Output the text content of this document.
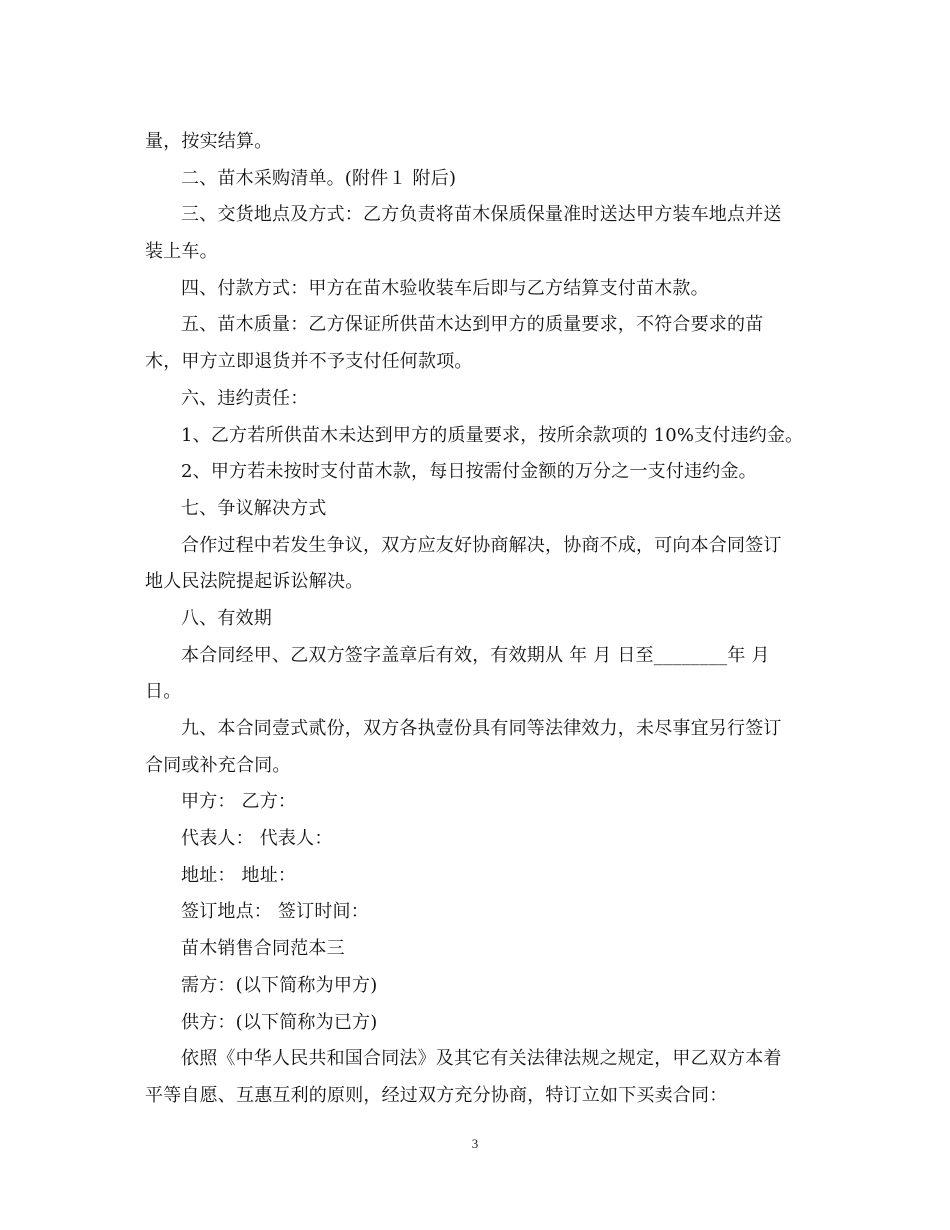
量，按实结算。
二、苗木采购清单。(附件１ 附后)
三、交货地点及方式：乙方负责将苗木保质保量准时送达甲方装车地点并送
装上车。
四、付款方式：甲方在苗木验收装车后即与乙方结算支付苗木款。
五、苗木质量：乙方保证所供苗木达到甲方的质量要求，不符合要求的苗
木，甲方立即退货并不予支付任何款项。
六、违约责任：
1、乙方若所供苗木未达到甲方的质量要求，按所余款项的 10%支付违约金。
2、甲方若未按时支付苗木款，每日按需付金额的万分之一支付违约金。
七、争议解决方式
合作过程中若发生争议，双方应友好协商解决，协商不成，可向本合同签订
地人民法院提起诉讼解决。
八、有效期
本合同经甲、乙双方签字盖章后有效，有效期从 年 月 日至________年 月
日。
九、本合同壹式贰份，双方各执壹份具有同等法律效力，未尽事宜另行签订
合同或补充合同。
甲方： 乙方：
代表人： 代表人：
地址： 地址：
签订地点： 签订时间：
苗木销售合同范本三
需方：(以下简称为甲方)
供方：(以下简称为已方)
依照《中华人民共和国合同法》及其它有关法律法规之规定，甲乙双方本着
平等自愿、互惠互利的原则，经过双方充分协商，特订立如下买卖合同：
3
